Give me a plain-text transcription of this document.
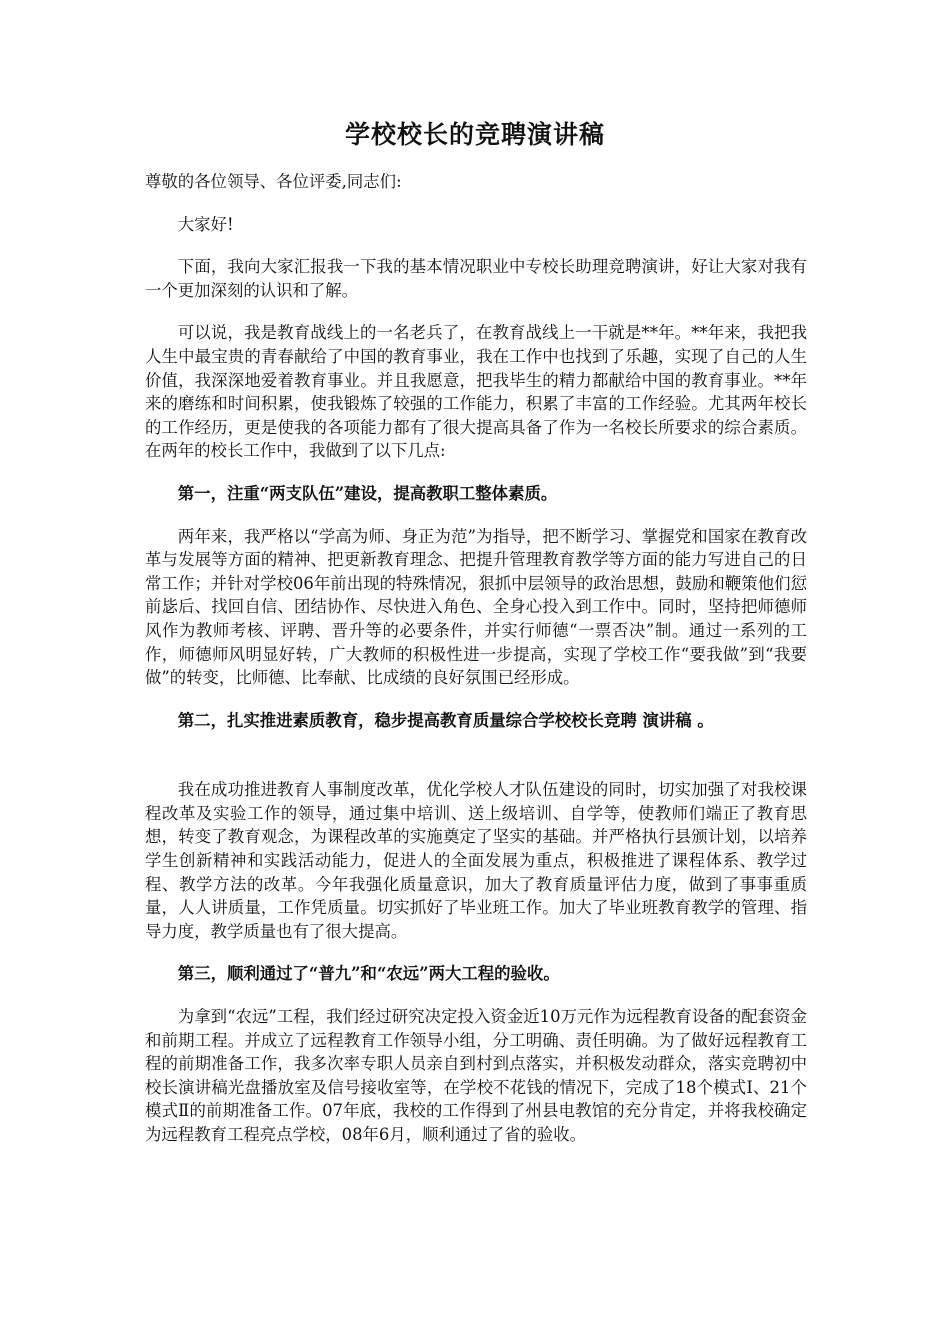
学校校长的竞聘演讲稿

尊敬的各位领导、各位评委,同志们:

大家好!

下面，我向大家汇报我一下我的基本情况职业中专校长助理竞聘演讲，好让大家对我有一个更加深刻的认识和了解。

可以说，我是教育战线上的一名老兵了，在教育战线上一干就是**年。**年来，我把我人生中最宝贵的青春献给了中国的教育事业，我在工作中也找到了乐趣，实现了自己的人生价值，我深深地爱着教育事业。并且我愿意，把我毕生的精力都献给中国的教育事业。**年来的磨练和时间积累，使我锻炼了较强的工作能力，积累了丰富的工作经验。尤其两年校长的工作经历，更是使我的各项能力都有了很大提高具备了作为一名校长所要求的综合素质。在两年的校长工作中，我做到了以下几点:

第一，注重“两支队伍”建设，提高教职工整体素质。

两年来，我严格以“学高为师、身正为范”为指导，把不断学习、掌握党和国家在教育改革与发展等方面的精神、把更新教育理念、把提升管理教育教学等方面的能力写进自己的日常工作；并针对学校06年前出现的特殊情况，狠抓中层领导的政治思想，鼓励和鞭策他们愆前毖后、找回自信、团结协作、尽快进入角色、全身心投入到工作中。同时，坚持把师德师风作为教师考核、评聘、晋升等的必要条件，并实行师德“一票否决”制。通过一系列的工作，师德师风明显好转，广大教师的积极性进一步提高，实现了学校工作“要我做”到“我要做”的转变，比师德、比奉献、比成绩的良好氛围已经形成。

第二，扎实推进素质教育，稳步提高教育质量综合学校校长竞聘 演讲稿 。

我在成功推进教育人事制度改革，优化学校人才队伍建设的同时，切实加强了对我校课程改革及实验工作的领导，通过集中培训、送上级培训、自学等，使教师们端正了教育思想，转变了教育观念，为课程改革的实施奠定了坚实的基础。并严格执行县颁计划，以培养学生创新精神和实践活动能力，促进人的全面发展为重点，积极推进了课程体系、教学过程、教学方法的改革。今年我强化质量意识，加大了教育质量评估力度，做到了事事重质量，人人讲质量，工作凭质量。切实抓好了毕业班工作。加大了毕业班教育教学的管理、指导力度，教学质量也有了很大提高。

第三，顺利通过了“普九”和“农远”两大工程的验收。

为拿到“农远”工程，我们经过研究决定投入资金近10万元作为远程教育设备的配套资金和前期工程。并成立了远程教育工作领导小组，分工明确、责任明确。为了做好远程教育工程的前期准备工作，我多次率专职人员亲自到村到点落实，并积极发动群众，落实竞聘初中校长演讲稿光盘播放室及信号接收室等，在学校不花钱的情况下，完成了18个模式Ⅰ、21个模式Ⅱ的前期准备工作。07年底，我校的工作得到了州县电教馆的充分肯定，并将我校确定为远程教育工程亮点学校，08年6月，顺利通过了省的验收。
